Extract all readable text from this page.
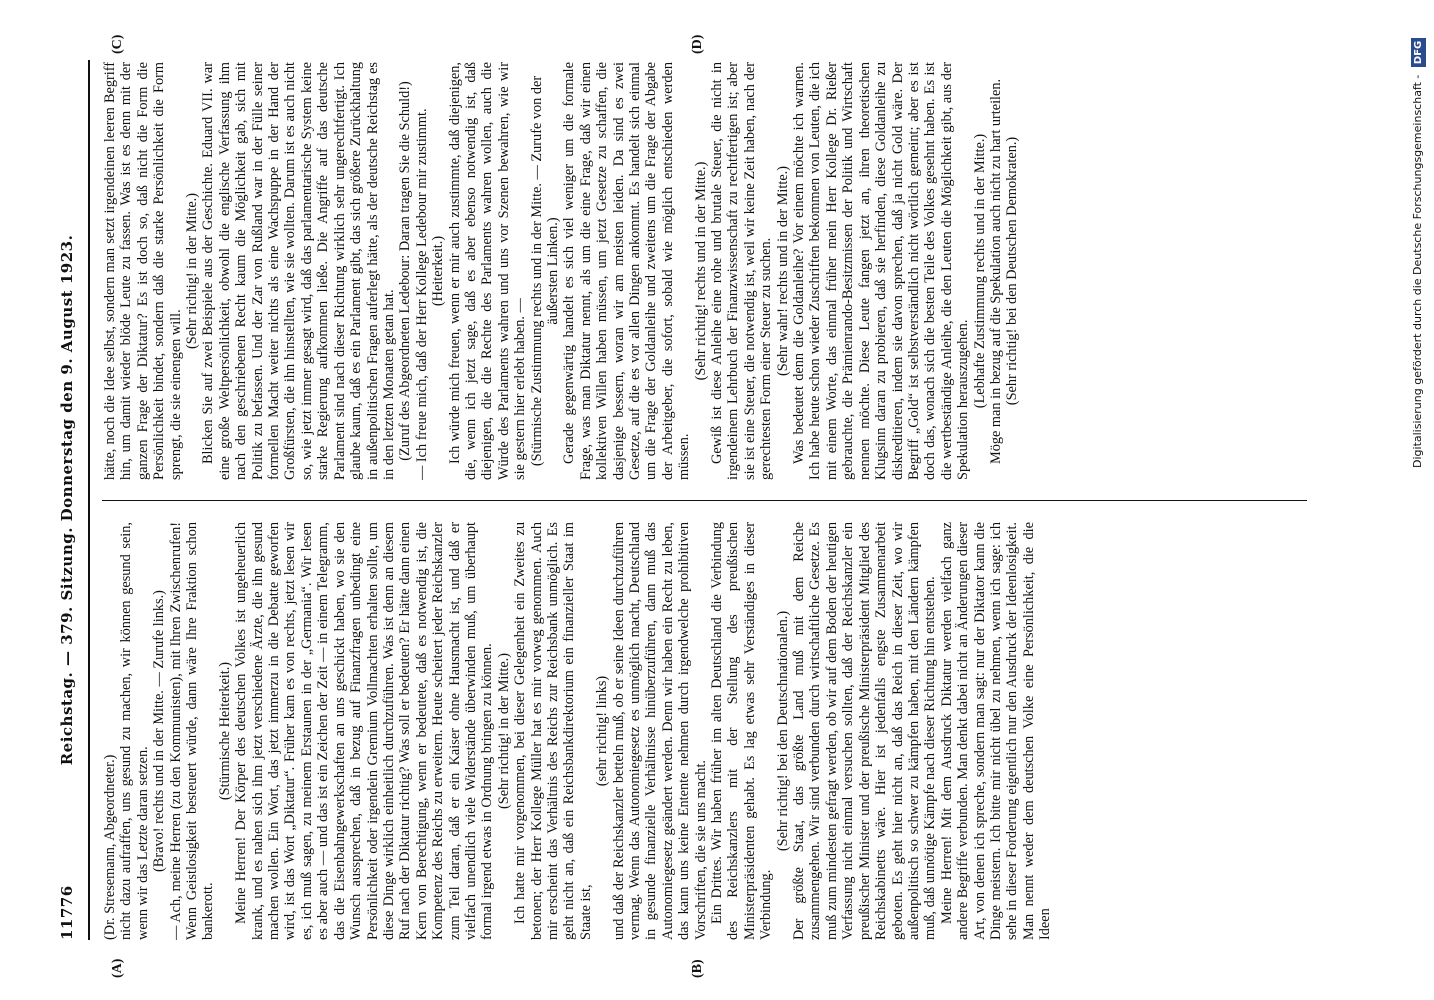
11776
Reichstag. — 379. Sitzung. Donnerstag den 9. August 1923.

(Dr. Stresemann, Abgeordneter.) nicht dazu aufraffen, uns gesund zu machen, wir können gesund sein, wenn wir das Letzte daran setzen. (Bravo! rechts und in der Mitte. — Zurufe links.) — Ach, meine Herren (zu den Kommunisten), mit Ihren Zwischenrufen! Wenn Geistlosigkeit besteuert würde, dann wäre Ihre Fraktion schon bankerott.

(Stürmische Heiterkeit.) Meine Herren! Der Körper des deutschen Volkes ist ungeheuerlich krank, und es nahen sich ihm jetzt verschiedene Ärzte, die ihn gesund machen wollen. Ein Wort, das jetzt immerzu in die Debatte geworfen wird, ist das Wort „Diktatur“. Früher kam es von rechts, jetzt lesen wir es, ich muß sagen, zu meinem Erstaunen in der „Germania“. Wir lesen es aber auch — und das ist ein Zeichen der Zeit — in einem Telegramm, das die Eisenbahngewerkschaften an uns geschickt haben, wo sie den Wunsch aussprechen, daß in bezug auf Finanzfragen unbedingt eine Persönlichkeit oder irgendein Gremium Vollmachten erhalten sollte, um diese Dinge wirklich einheitlich durchzuführen. Was ist denn an diesem Ruf nach der Diktatur richtig? Was soll er bedeuten? Er hätte dann einen Kern von Berechtigung, wenn er bedeutete, daß es notwendig ist, die Kompetenz des Reichs zu erweitern. Heute scheitert jeder Reichskanzler zum Teil daran, daß er ein Kaiser ohne Hausmacht ist, und daß er vielfach unendlich viele Widerstände überwinden muß, um überhaupt formal irgend etwas in Ordnung bringen zu können. (Sehr richtig! in der Mitte.) Ich hatte mir vorgenommen, bei dieser Gelegenheit ein Zweites zu betonen; der Herr Kollege Müller hat es mir vorweg genommen. Auch mir erscheint das Verhältnis des Reichs zur Reichsbank unmöglich. Es geht nicht an, daß ein Reichsbankdirektorium ein finanzieller Staat im Staate ist,

(sehr richtig! links) und daß der Reichskanzler betteln muß, ob er seine Ideen durchzuführen vermag. Wenn das Autonomiegesetz es unmöglich macht, Deutschland in gesunde finanzielle Verhältnisse hinüberzuführen, dann muß das Autonomiegesetz geändert werden. Denn wir haben ein Recht zu leben, das kann uns keine Entente nehmen durch irgendwelche prohibitiven Vorschriften, die sie uns macht. Ein Drittes. Wir haben früher im alten Deutschland die Verbindung des Reichskanzlers mit der Stellung des preußischen Ministerpräsidenten gehabt. Es lag etwas sehr Verständiges in dieser Verbindung.

(Sehr richtig! bei den Deutschnationalen.) Der größte Staat, das größte Land muß mit dem Reiche zusammengehen. Wir sind verbunden durch wirtschaftliche Gesetze. Es muß zum mindesten gefragt werden, ob wir auf dem Boden der heutigen Verfassung nicht einmal versuchen sollten, daß der Reichskanzler ein preußischer Minister und der preußische Ministerpräsident Mitglied des Reichskabinetts wäre. Hier ist jedenfalls engste Zusammenarbeit geboten. Es geht hier nicht an, daß das Reich in dieser Zeit, wo wir außenpolitisch so schwer zu kämpfen haben, mit den Ländern kämpfen muß, daß unnötige Kämpfe nach dieser Richtung hin entstehen. Meine Herren! Mit dem Ausdruck Diktatur werden vielfach ganz andere Begriffe verbunden. Man denkt dabei nicht an Änderungen dieser Art, von denen ich spreche, sondern man sagt: nur der Diktator kann die Dinge meistern. Ich bitte mir nicht übel zu nehmen, wenn ich sage: ich sehe in dieser Forderung eigentlich nur den Ausdruck der Ideenlosigkeit. Man nennt weder dem deutschen Volke eine Persönlichkeit, die die Ideen

hätte, noch die Idee selbst, sondern man setzt irgendeinen leeren Begriff hin, um damit wieder blöde Leute zu fassen. Was ist es denn mit der ganzen Frage der Diktatur? Es ist doch so, daß nicht die Form die Persönlichkeit bindet, sondern daß die starke Persönlichkeit die Form sprengt, die sie einengen will.

(Sehr richtig! in der Mitte.) Blicken Sie auf zwei Beispiele aus der Geschichte. Eduard VII. war eine große Weltpersönlichkeit, obwohl die englische Verfassung ihm nach den geschriebenen Recht kaum die Möglichkeit gab, sich mit Politik zu befassen. Und der Zar von Rußland war in der Fülle seiner formellen Macht weiter nichts als eine Wachspuppe in der Hand der Großfürsten, die ihn hinstellten, wie sie wollten. Darum ist es auch nicht so, wie jetzt immer gesagt wird, daß das parlamentarische System keine starke Regierung aufkommen ließe. Die Angriffe auf das deutsche Parlament sind nach dieser Richtung wirklich sehr ungerechtfertigt. Ich glaube kaum, daß es ein Parlament gibt, das sich größere Zurückhaltung in außenpolitischen Fragen auferlegt hätte, als der deutsche Reichstag es in den letzten Monaten getan hat. (Zuruf des Abgeordneten Ledebour: Daran tragen Sie die Schuld!) — Ich freue mich, daß der Herr Kollege Ledebour mir zustimmt. (Heiterkeit.) Ich würde mich freuen, wenn er mir auch zustimmte, daß diejenigen, die, wenn ich jetzt sage, daß es aber ebenso notwendig ist, daß diejenigen, die die Rechte des Parlaments wahren wollen, auch die Würde des Parlaments wahren und uns vor Szenen bewahren, wie wir sie gestern hier erlebt haben. — (Stürmische Zustimmung rechts und in der Mitte. — Zurufe von der äußersten Linken.) Gerade gegenwärtig handelt es sich viel weniger um die formale Frage, was man Diktatur nennt, als um die eine Frage, daß wir einen kollektiven Willen haben müssen, um jetzt Gesetze zu schaffen, die dasjenige bessern, woran wir am meisten leiden. Da sind es zwei Gesetze, auf die es vor allen Dingen ankommt. Es handelt sich einmal um die Frage der Goldanleihe und zweitens um die Frage der Abgabe der Arbeitgeber, die sofort, sobald wie möglich entschieden werden müssen.

(Sehr richtig! rechts und in der Mitte.) Gewiß ist diese Anleihe eine rohe und brutale Steuer, die nicht in irgendeinem Lehrbuch der Finanzwissenschaft zu rechtfertigen ist; aber sie ist eine Steuer, die notwendig ist, weil wir keine Zeit haben, nach der gerechtesten Form einer Steuer zu suchen. (Sehr wahr! rechts und in der Mitte.) Was bedeutet denn die Goldanleihe? Vor einem möchte ich warnen. Ich habe heute schon wieder Zuschriften bekommen von Leuten, die ich mit einem Worte, das einmal früher mein Herr Kollege Dr. Rießer gebrauchte, die Prämienrando-Besitzmissen der Politik und Wirtschaft nennen möchte. Diese Leute fangen jetzt an, ihren theoretischen Klugsinn daran zu probieren, daß sie herfinden, diese Goldanleihe zu diskreditieren, indem sie davon sprechen, daß ja nicht Gold wäre. Der Begriff „Gold“ ist selbstverständlich nicht wörtlich gemeint; aber es ist doch das, wonach sich die besten Teile des Volkes gesehnt haben. Es ist die wertbeständige Anleihe, die den Leuten die Möglichkeit gibt, aus der Spekulation herauszugehen. (Lebhafte Zustimmung rechts und in der Mitte.) Möge man in bezug auf die Spekulation auch nicht zu hart urteilen. (Sehr richtig! bei den Deutschen Demokraten.)

(A)	(B)
(C)	(D)
Digitalisierung gefördert durch die Deutsche Forschungsgemeinschaft - DFG
